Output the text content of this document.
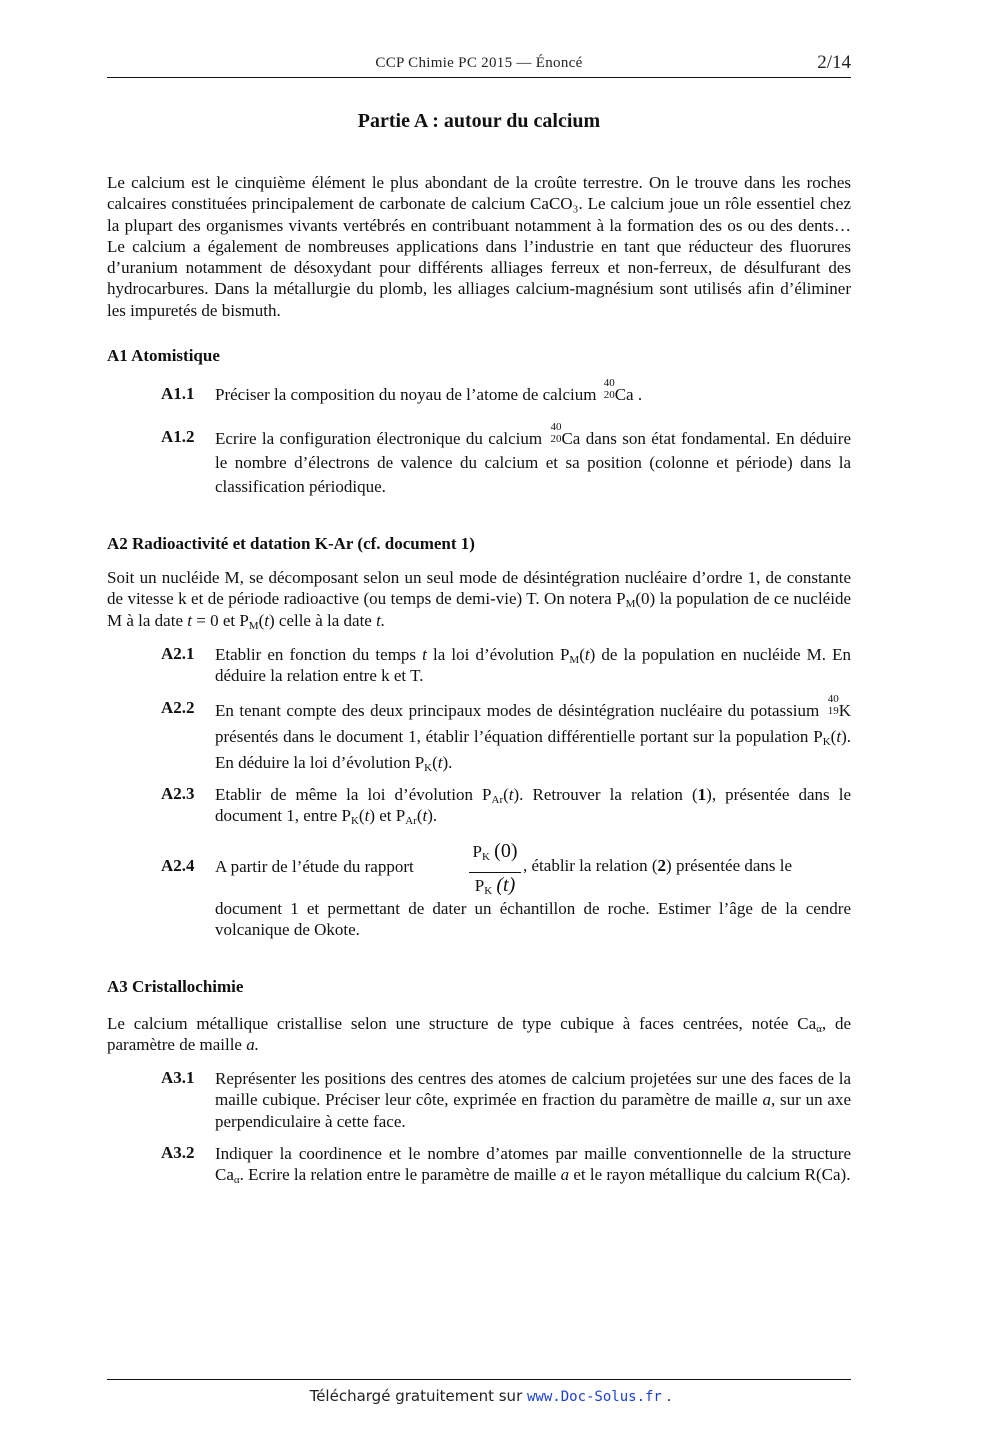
CCP Chimie PC 2015 — Énoncé	2/14
Partie A : autour du calcium
Le calcium est le cinquième élément le plus abondant de la croûte terrestre. On le trouve dans les roches calcaires constituées principalement de carbonate de calcium CaCO₃. Le calcium joue un rôle essentiel chez la plupart des organismes vivants vertébrés en contribuant notamment à la formation des os ou des dents… Le calcium a également de nombreuses applications dans l’industrie en tant que réducteur des fluorures d’uranium notamment de désoxydant pour différents alliages ferreux et non-ferreux, de désulfurant des hydrocarbures. Dans la métallurgie du plomb, les alliages calcium-magnésium sont utilisés afin d’éliminer les impuretés de bismuth.
A1 Atomistique
A1.1 Préciser la composition du noyau de l’atome de calcium
40
20 Ca .
A1.2 Ecrire la configuration électronique du calcium
40
20 Ca dans son état fondamental. En déduire le nombre d’électrons de valence du calcium et sa position (colonne et période) dans la classification périodique.
A2 Radioactivité et datation K-Ar (cf. document 1)
Soit un nucléide M, se décomposant selon un seul mode de désintégration nucléaire d’ordre 1, de constante de vitesse k et de période radioactive (ou temps de demi-vie) T. On notera $P_M(0)$ la population de ce nucléide M à la date t = 0 et $P_M(t)$ celle à la date t.
A2.1 Etablir en fonction du temps t la loi d’évolution $P_M(t)$ de la population en nucléide M. En déduire la relation entre k et T.
A2.2 En tenant compte des deux principaux modes de désintégration nucléaire du potassium
40
19 K présentés dans le document 1, établir l’équation différentielle portant sur la population $P_K(t)$. En déduire la loi d’évolution $P_K(t)$.
A2.3 Etablir de même la loi d’évolution $P_{Ar}(t)$. Retrouver la relation (1), présentée dans le document 1, entre $P_K(t)$ et $P_{Ar}(t)$.
A2.4 A partir de l’étude du rapport
$P_K$ (0)
$P_K$ (t)
, établir la relation (2) présentée dans le
document 1 et permettant de dater un échantillon de roche. Estimer l’âge de la cendre volcanique de Okote.
A3 Cristallochimie
Le calcium métallique cristallise selon une structure de type cubique à faces centrées, notée $Ca_\alpha$, de paramètre de maille a.
A3.1 Représenter les positions des centres des atomes de calcium projetées sur une des faces de la maille cubique. Préciser leur côte, exprimée en fraction du paramètre de maille a, sur un axe perpendiculaire à cette face.
A3.2 Indiquer la coordinence et le nombre d’atomes par maille conventionnelle de la structure $Ca_\alpha$. Ecrire la relation entre le paramètre de maille a et le rayon métallique du calcium R(Ca).
Téléchargé gratuitement sur www.Doc-Solus.fr .
